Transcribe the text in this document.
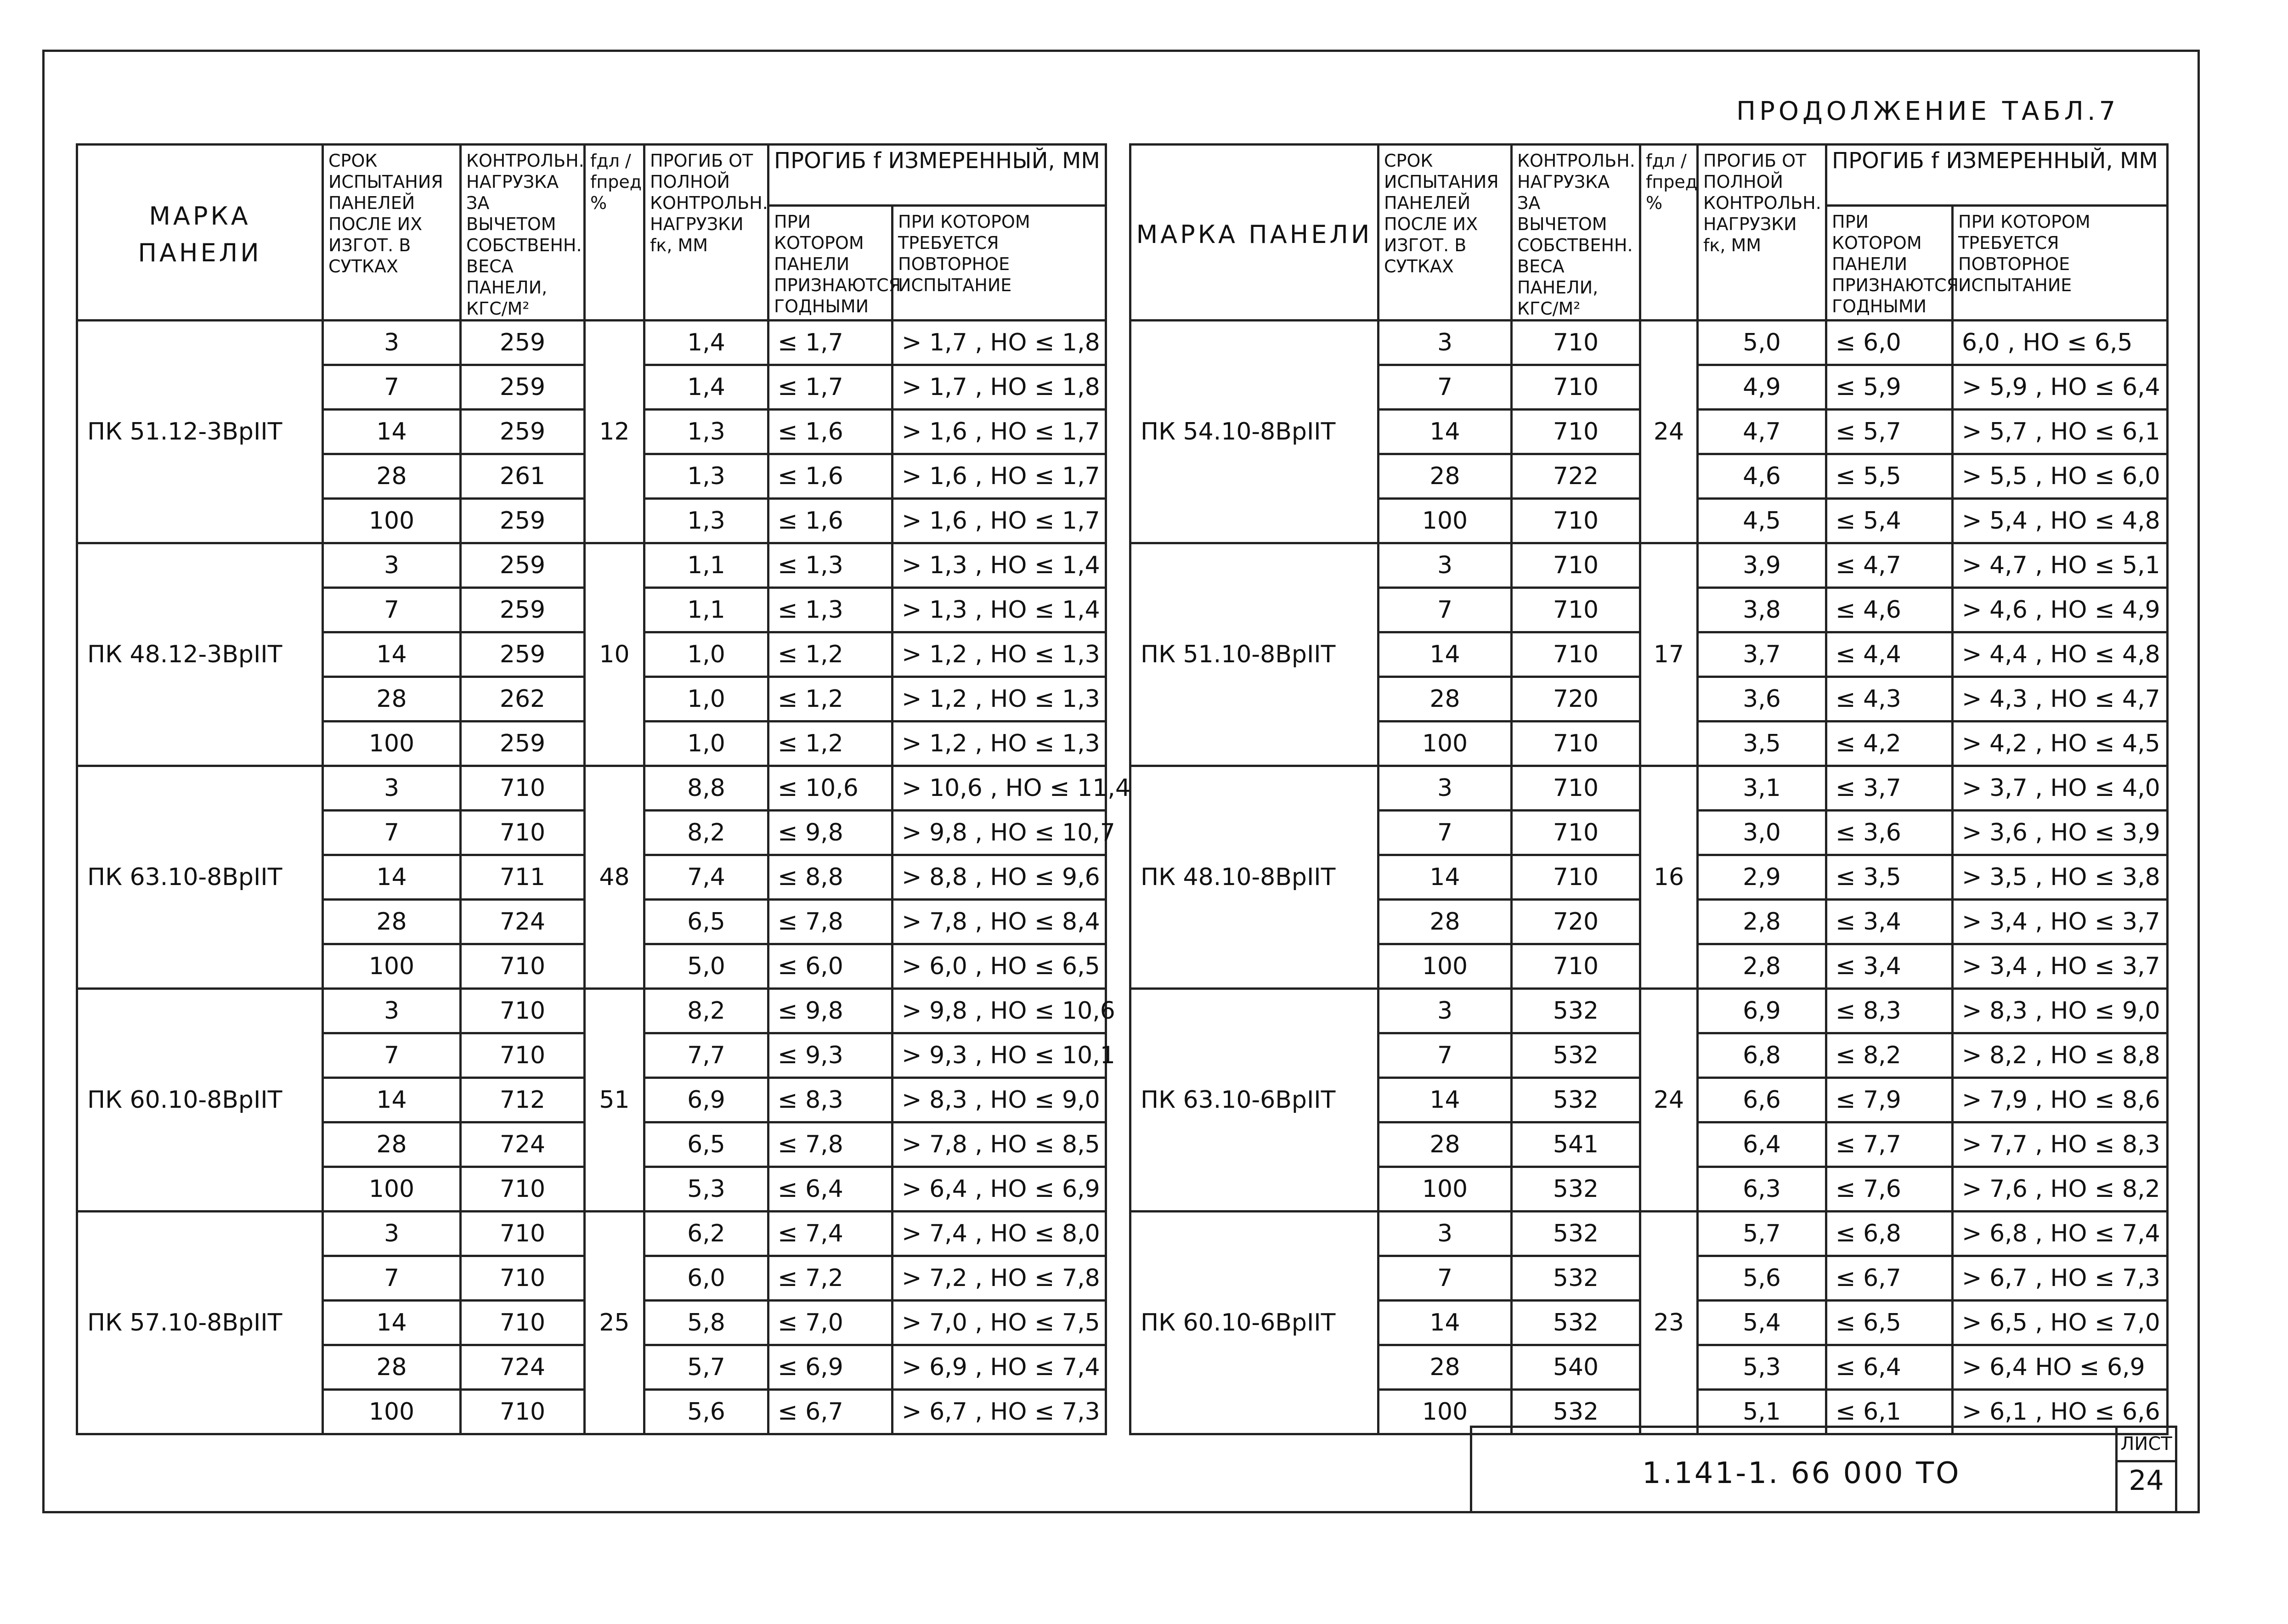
ПРОДОЛЖЕНИЕ ТАБЛ.7
МАРКА ПАНЕЛИ	СРОК ИСПЫТАНИЯ ПАНЕЛЕЙ ПОСЛЕ ИХ ИЗГОТ. В СУТКАХ	КОНТРОЛЬН. НАГРУЗКА ЗА ВЫЧЕТОМ СОБСТВЕНН. ВЕСА ПАНЕЛИ, КГС/М²	fдл / fпред %	ПРОГИБ ОТ ПОЛНОЙ КОНТРОЛЬН. НАГРУЗКИ fк, ММ	ПРОГИБ f ИЗМЕРЕННЫЙ, ММ	
					ПРИ КОТОРОМ ПАНЕЛИ ПРИЗНАЮТСЯ ГОДНЫМИ	ПРИ КОТОРОМ ТРЕБУЕТСЯ ПОВТОРНОЕ ИСПЫТАНИЕ
ПК 51.12-3ВрIIТ	3	259	12	1,4	≤ 1,7	> 1,7 , НО ≤ 1,8
	7	259		1,4	≤ 1,7	> 1,7 , НО ≤ 1,8
	14	259		1,3	≤ 1,6	> 1,6 , НО ≤ 1,7
	28	261		1,3	≤ 1,6	> 1,6 , НО ≤ 1,7
	100	259		1,3	≤ 1,6	> 1,6 , НО ≤ 1,7
ПК 48.12-3ВрIIТ	3	259	10	1,1	≤ 1,3	> 1,3 , НО ≤ 1,4
	7	259		1,1	≤ 1,3	> 1,3 , НО ≤ 1,4
	14	259		1,0	≤ 1,2	> 1,2 , НО ≤ 1,3
	28	262		1,0	≤ 1,2	> 1,2 , НО ≤ 1,3
	100	259		1,0	≤ 1,2	> 1,2 , НО ≤ 1,3
ПК 63.10-8ВрIIТ	3	710	48	8,8	≤ 10,6	> 10,6 , НО ≤ 11,4
	7	710		8,2	≤ 9,8	> 9,8 , НО ≤ 10,7
	14	711		7,4	≤ 8,8	> 8,8 , НО ≤ 9,6
	28	724		6,5	≤ 7,8	> 7,8 , НО ≤ 8,4
	100	710		5,0	≤ 6,0	> 6,0 , НО ≤ 6,5
ПК 60.10-8ВрIIТ	3	710	51	8,2	≤ 9,8	> 9,8 , НО ≤ 10,6
	7	710		7,7	≤ 9,3	> 9,3 , НО ≤ 10,1
	14	712		6,9	≤ 8,3	> 8,3 , НО ≤ 9,0
	28	724		6,5	≤ 7,8	> 7,8 , НО ≤ 8,5
	100	710		5,3	≤ 6,4	> 6,4 , НО ≤ 6,9
ПК 57.10-8ВрIIТ	3	710	25	6,2	≤ 7,4	> 7,4 , НО ≤ 8,0
	7	710		6,0	≤ 7,2	> 7,2 , НО ≤ 7,8
	14	710		5,8	≤ 7,0	> 7,0 , НО ≤ 7,5
	28	724		5,7	≤ 6,9	> 6,9 , НО ≤ 7,4
	100	710		5,6	≤ 6,7	> 6,7 , НО ≤ 7,3
МАРКА ПАНЕЛИ	СРОК ИСПЫТАНИЯ ПАНЕЛЕЙ ПОСЛЕ ИХ ИЗГОТ. В СУТКАХ	КОНТРОЛЬН. НАГРУЗКА ЗА ВЫЧЕТОМ СОБСТВЕНН. ВЕСА ПАНЕЛИ, КГС/М²	fдл / fпред %	ПРОГИБ ОТ ПОЛНОЙ КОНТРОЛЬН. НАГРУЗКИ fк, ММ	ПРОГИБ f ИЗМЕРЕННЫЙ, ММ	
					ПРИ КОТОРОМ ПАНЕЛИ ПРИЗНАЮТСЯ ГОДНЫМИ	ПРИ КОТОРОМ ТРЕБУЕТСЯ ПОВТОРНОЕ ИСПЫТАНИЕ
ПК 54.10-8ВрIIТ	3	710	24	5,0	≤ 6,0	6,0 , НО ≤ 6,5
	7	710		4,9	≤ 5,9	> 5,9 , НО ≤ 6,4
	14	710		4,7	≤ 5,7	> 5,7 , НО ≤ 6,1
	28	722		4,6	≤ 5,5	> 5,5 , НО ≤ 6,0
	100	710		4,5	≤ 5,4	> 5,4 , НО ≤ 4,8
ПК 51.10-8ВрIIТ	3	710	17	3,9	≤ 4,7	> 4,7 , НО ≤ 5,1
	7	710		3,8	≤ 4,6	> 4,6 , НО ≤ 4,9
	14	710		3,7	≤ 4,4	> 4,4 , НО ≤ 4,8
	28	720		3,6	≤ 4,3	> 4,3 , НО ≤ 4,7
	100	710		3,5	≤ 4,2	> 4,2 , НО ≤ 4,5
ПК 48.10-8ВрIIТ	3	710	16	3,1	≤ 3,7	> 3,7 , НО ≤ 4,0
	7	710		3,0	≤ 3,6	> 3,6 , НО ≤ 3,9
	14	710		2,9	≤ 3,5	> 3,5 , НО ≤ 3,8
	28	720		2,8	≤ 3,4	> 3,4 , НО ≤ 3,7
	100	710		2,8	≤ 3,4	> 3,4 , НО ≤ 3,7
ПК 63.10-6ВрIIТ	3	532	24	6,9	≤ 8,3	> 8,3 , НО ≤ 9,0
	7	532		6,8	≤ 8,2	> 8,2 , НО ≤ 8,8
	14	532		6,6	≤ 7,9	> 7,9 , НО ≤ 8,6
	28	541		6,4	≤ 7,7	> 7,7 , НО ≤ 8,3
	100	532		6,3	≤ 7,6	> 7,6 , НО ≤ 8,2
ПК 60.10-6ВрIIТ	3	532	23	5,7	≤ 6,8	> 6,8 , НО ≤ 7,4
	7	532		5,6	≤ 6,7	> 6,7 , НО ≤ 7,3
	14	532		5,4	≤ 6,5	> 6,5 , НО ≤ 7,0
	28	540		5,3	≤ 6,4	> 6,4 НО ≤ 6,9
	100	532		5,1	≤ 6,1	> 6,1 , НО ≤ 6,6
1.141-1. 66 000 ТО
ЛИСТ
24
